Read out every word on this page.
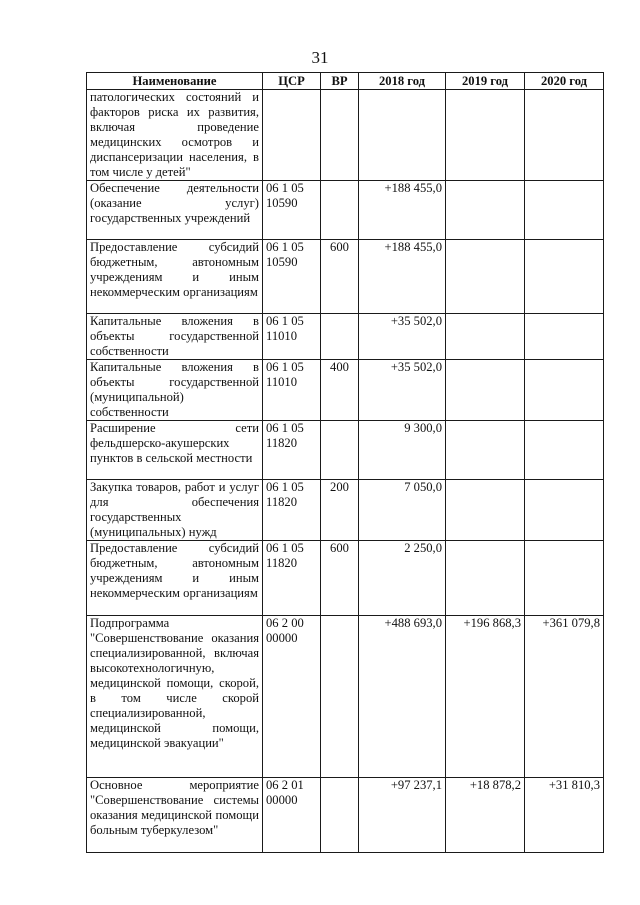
31
Наименование	ЦСР	ВР	2018 год	2019 год	2020 год
патологических состояний и факторов риска их развития, включая проведение медицинских осмотров и диспансеризации населения, в том числе у детей"					
Обеспечение деятельности (оказание услуг) государственных учреждений	06 1 05 10590		+188 455,0		
Предоставление субсидий бюджетным, автономным учреждениям и иным некоммерческим организациям	06 1 05 10590	600	+188 455,0		
Капитальные вложения в объекты государственной собственности	06 1 05 11010		+35 502,0		
Капитальные вложения в объекты государственной (муниципальной) собственности	06 1 05 11010	400	+35 502,0		
Расширение сети фельдшерско-акушерских пунктов в сельской местности	06 1 05 11820		9 300,0		
Закупка товаров, работ и услуг для обеспечения государственных (муниципальных) нужд	06 1 05 11820	200	7 050,0		
Предоставление субсидий бюджетным, автономным учреждениям и иным некоммерческим организациям	06 1 05 11820	600	2 250,0		
Подпрограмма "Совершенствование оказания специализированной, включая высокотехнологичную, медицинской помощи, скорой, в том числе скорой специализированной, медицинской помощи, медицинской эвакуации"	06 2 00 00000		+488 693,0	+196 868,3	+361 079,8
Основное мероприятие "Совершенствование системы оказания медицинской помощи больным туберкулезом"	06 2 01 00000		+97 237,1	+18 878,2	+31 810,3
